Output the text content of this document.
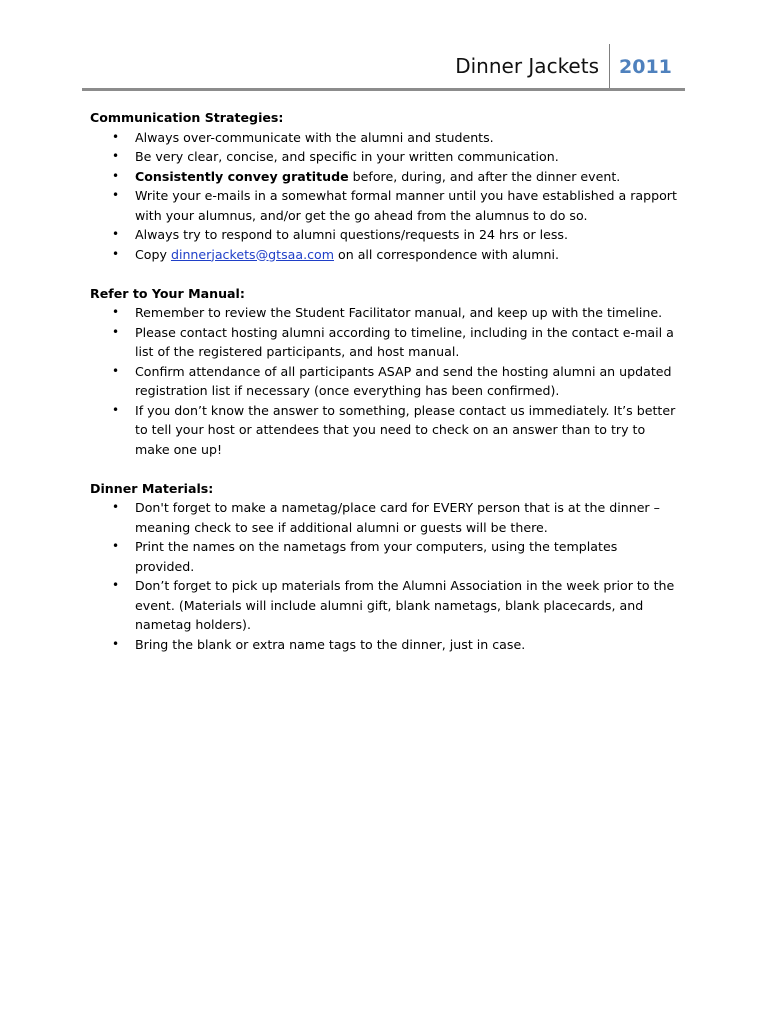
Dinner Jackets 2011

Communication Strategies:

• Always over-communicate with the alumni and students.
• Be very clear, concise, and specific in your written communication.
• Consistently convey gratitude before, during, and after the dinner event.
• Write your e-mails in a somewhat formal manner until you have established a rapport with your alumnus, and/or get the go ahead from the alumnus to do so.
• Always try to respond to alumni questions/requests in 24 hrs or less.
• Copy dinnerjackets@gtsaa.com on all correspondence with alumni.

Refer to Your Manual:

• Remember to review the Student Facilitator manual, and keep up with the timeline.
• Please contact hosting alumni according to timeline, including in the contact e-mail a list of the registered participants, and host manual.
• Confirm attendance of all participants ASAP and send the hosting alumni an updated registration list if necessary (once everything has been confirmed).
• If you don’t know the answer to something, please contact us immediately. It’s better to tell your host or attendees that you need to check on an answer than to try to make one up!

Dinner Materials:

• Don't forget to make a nametag/place card for EVERY person that is at the dinner – meaning check to see if additional alumni or guests will be there.
• Print the names on the nametags from your computers, using the templates provided.
• Don’t forget to pick up materials from the Alumni Association in the week prior to the event. (Materials will include alumni gift, blank nametags, blank placecards, and nametag holders).
• Bring the blank or extra name tags to the dinner, just in case.
